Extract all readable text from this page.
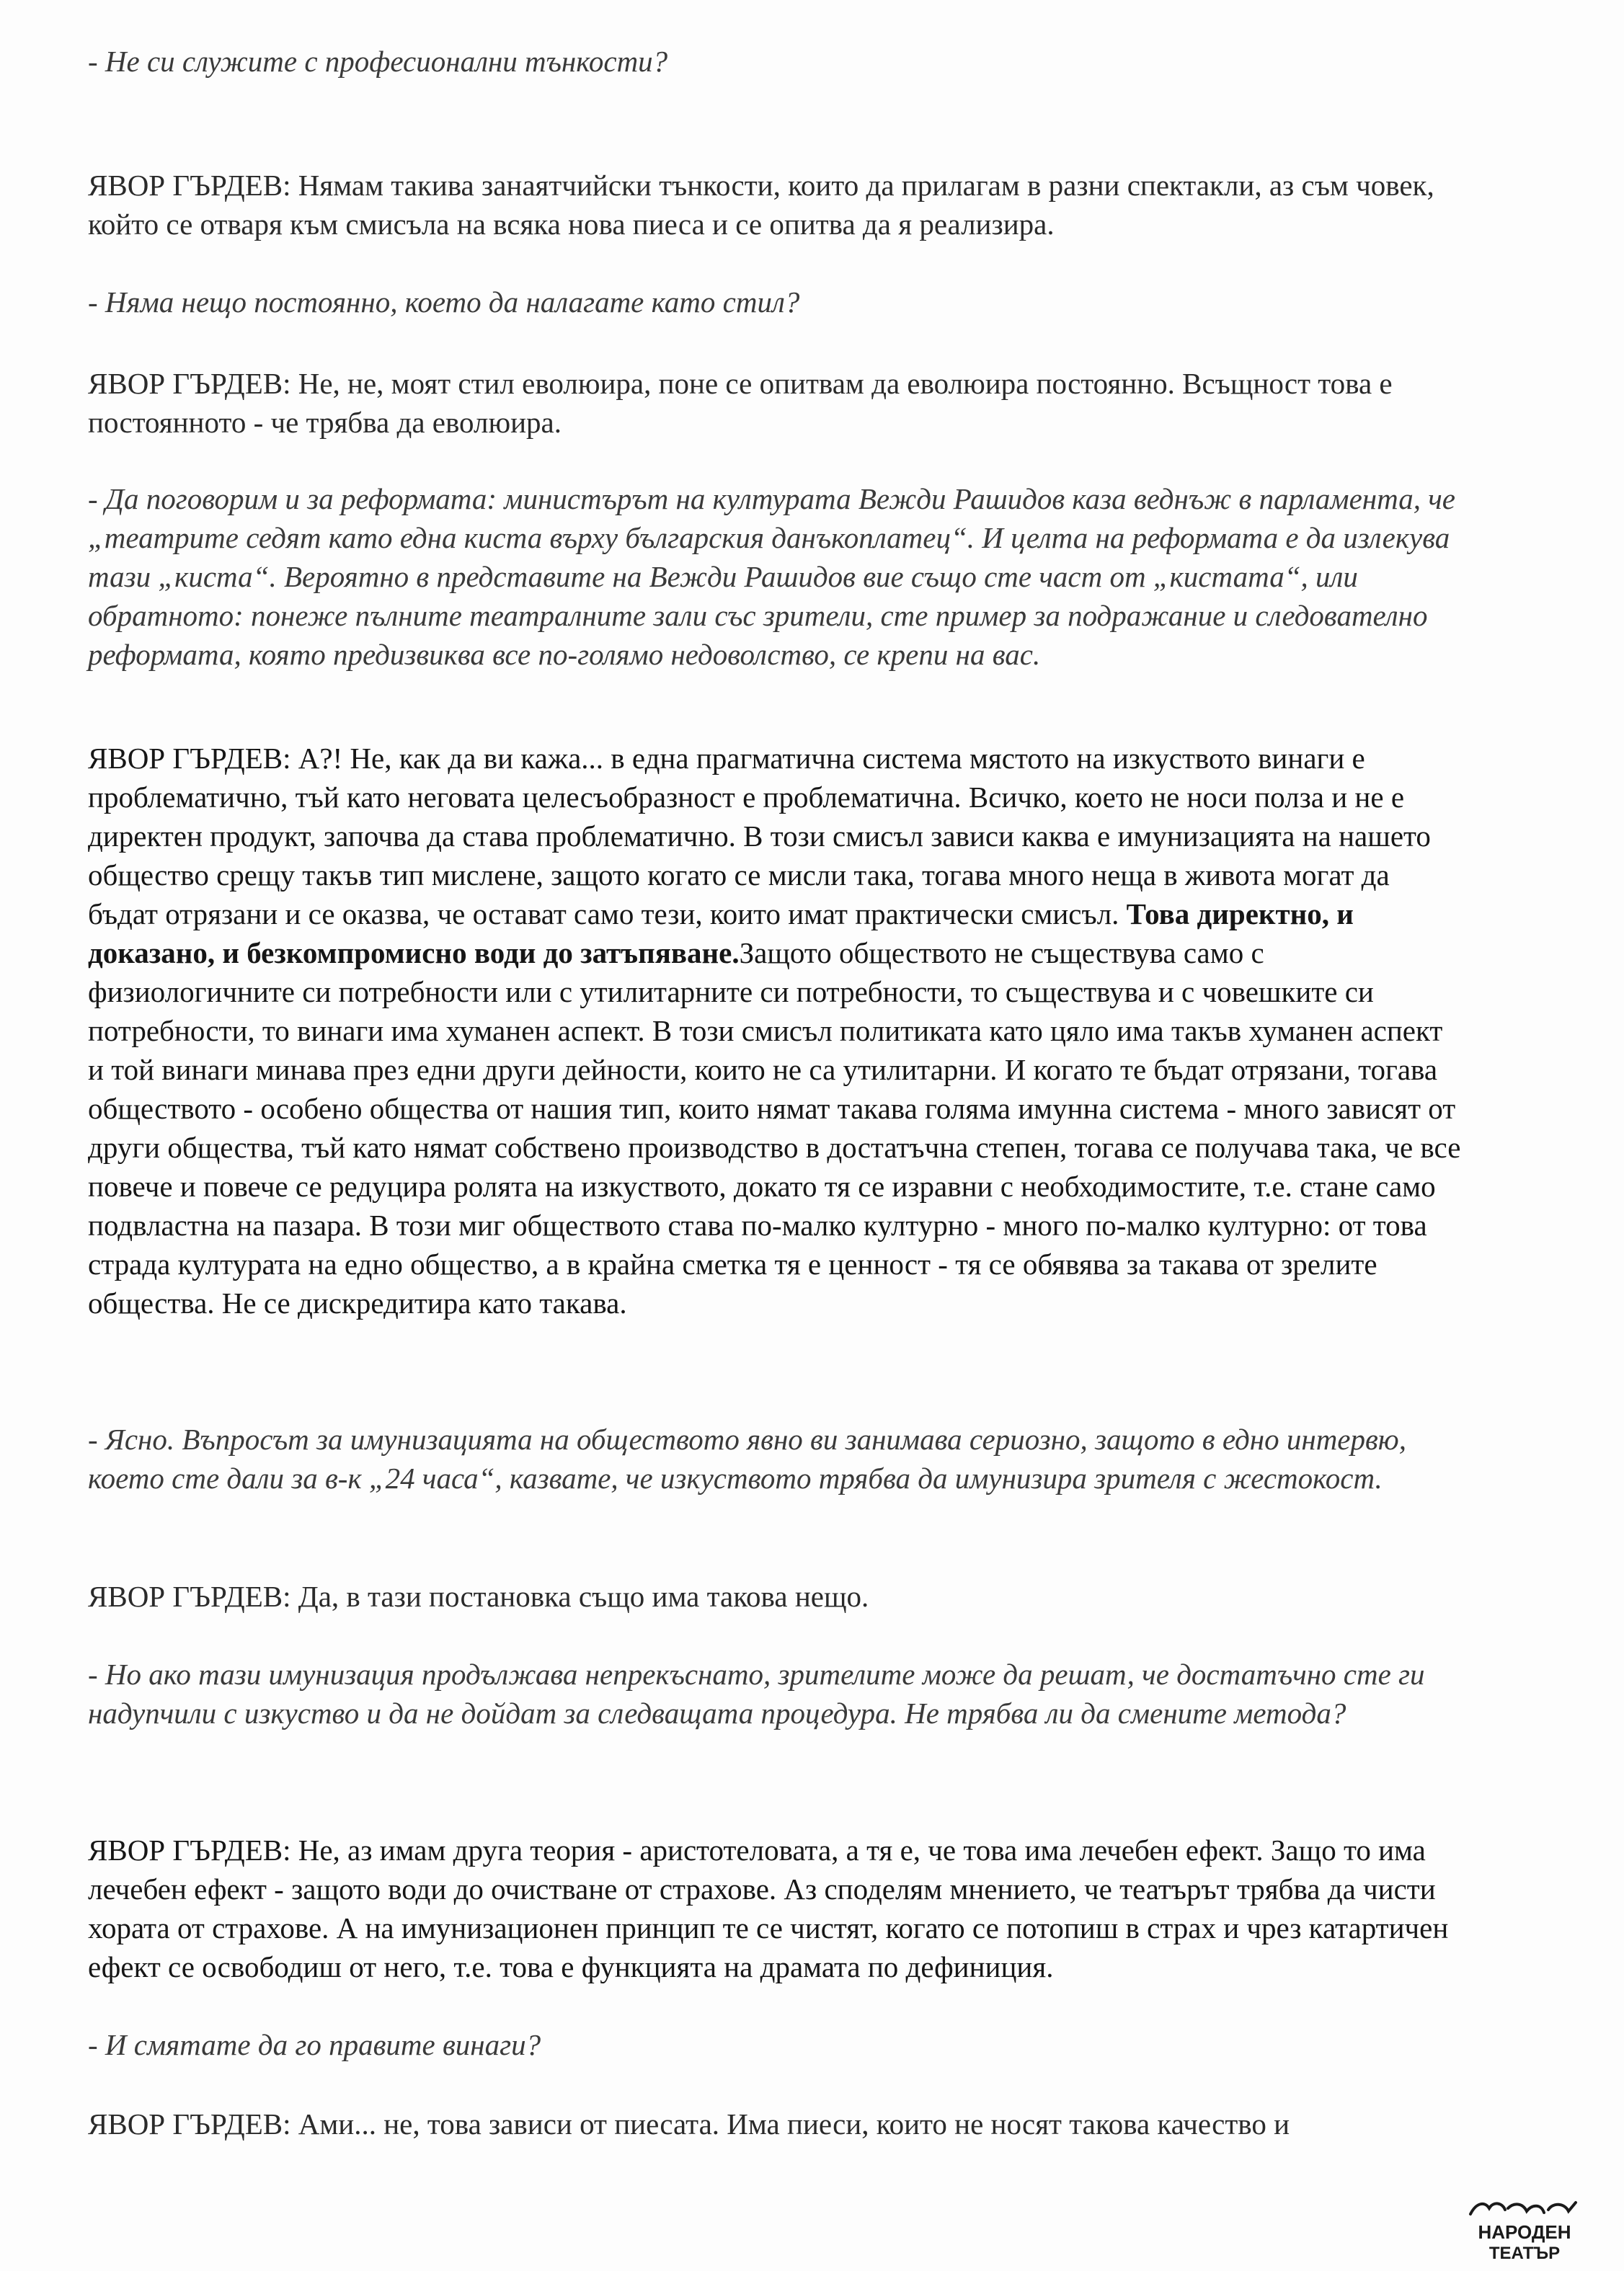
- Не си служите с професионални тънкости?

ЯВОР ГЪРДЕВ: Нямам такива занаятчийски тънкости, които да прилагам в разни спектакли, аз съм човек, който се отваря към смисъла на всяка нова пиеса и се опитва да я реализира.

- Няма нещо постоянно, което да налагате като стил?

ЯВОР ГЪРДЕВ: Не, не, моят стил еволюира, поне се опитвам да еволюира постоянно. Всъщност това е постоянното - че трябва да еволюира.

- Да поговорим и за реформата: министърът на културата Вежди Рашидов каза веднъж в парламента, че „театрите седят като една киста върху българския данъкоплатец“. И целта на реформата е да излекува тази „киста“. Вероятно в представите на Вежди Рашидов вие също сте част от „кистата“, или обратното: понеже пълните театралните зали със зрители, сте пример за подражание и следователно реформата, която предизвиква все по-голямо недоволство, се крепи на вас.

ЯВОР ГЪРДЕВ: А?! Не, как да ви кажа... в една прагматична система мястото на изкуството винаги е проблематично, тъй като неговата целесъобразност е проблематична. Всичко, което не носи полза и не е директен продукт, започва да става проблематично. В този смисъл зависи каква е имунизацията на нашето общество срещу такъв тип мислене, защото когато се мисли така, тогава много неща в живота могат да бъдат отрязани и се оказва, че остават само тези, които имат практически смисъл. Това директно, и доказано, и безкомпромисно води до затъпяване.Защото обществото не съществува само с физиологичните си потребности или с утилитарните си потребности, то съществува и с човешките си потребности, то винаги има хуманен аспект. В този смисъл политиката като цяло има такъв хуманен аспект и той винаги минава през едни други дейности, които не са утилитарни. И когато те бъдат отрязани, тогава обществото - особено общества от нашия тип, които нямат такава голяма имунна система - много зависят от други общества, тъй като нямат собствено производство в достатъчна степен, тогава се получава така, че все повече и повече се редуцира ролята на изкуството, докато тя се изравни с необходимостите, т.е. стане само подвластна на пазара. В този миг обществото става по-малко културно - много по-малко културно: от това страда културата на едно общество, а в крайна сметка тя е ценност - тя се обявява за такава от зрелите общества. Не се дискредитира като такава.

- Ясно. Въпросът за имунизацията на обществото явно ви занимава сериозно, защото в едно интервю, което сте дали за в-к „24 часа“, казвате, че изкуството трябва да имунизира зрителя с жестокост.

ЯВОР ГЪРДЕВ: Да, в тази постановка също има такова нещо.

- Но ако тази имунизация продължава непрекъснато, зрителите може да решат, че достатъчно сте ги надупчили с изкуство и да не дойдат за следващата процедура. Не трябва ли да смените метода?

ЯВОР ГЪРДЕВ: Не, аз имам друга теория - аристотеловата, а тя е, че това има лечебен ефект. Защо то има лечебен ефект - защото води до очистване от страхове. Аз споделям мнението, че театърът трябва да чисти хората от страхове. А на имунизационен принцип те се чистят, когато се потопиш в страх и чрез катартичен ефект се освободиш от него, т.е. това е функцията на драмата по дефиниция.

- И смятате да го правите винаги?

ЯВОР ГЪРДЕВ: Ами... не, това зависи от пиесата. Има пиеси, които не носят такова качество и

НАРОДЕН
ТЕАТЪР
